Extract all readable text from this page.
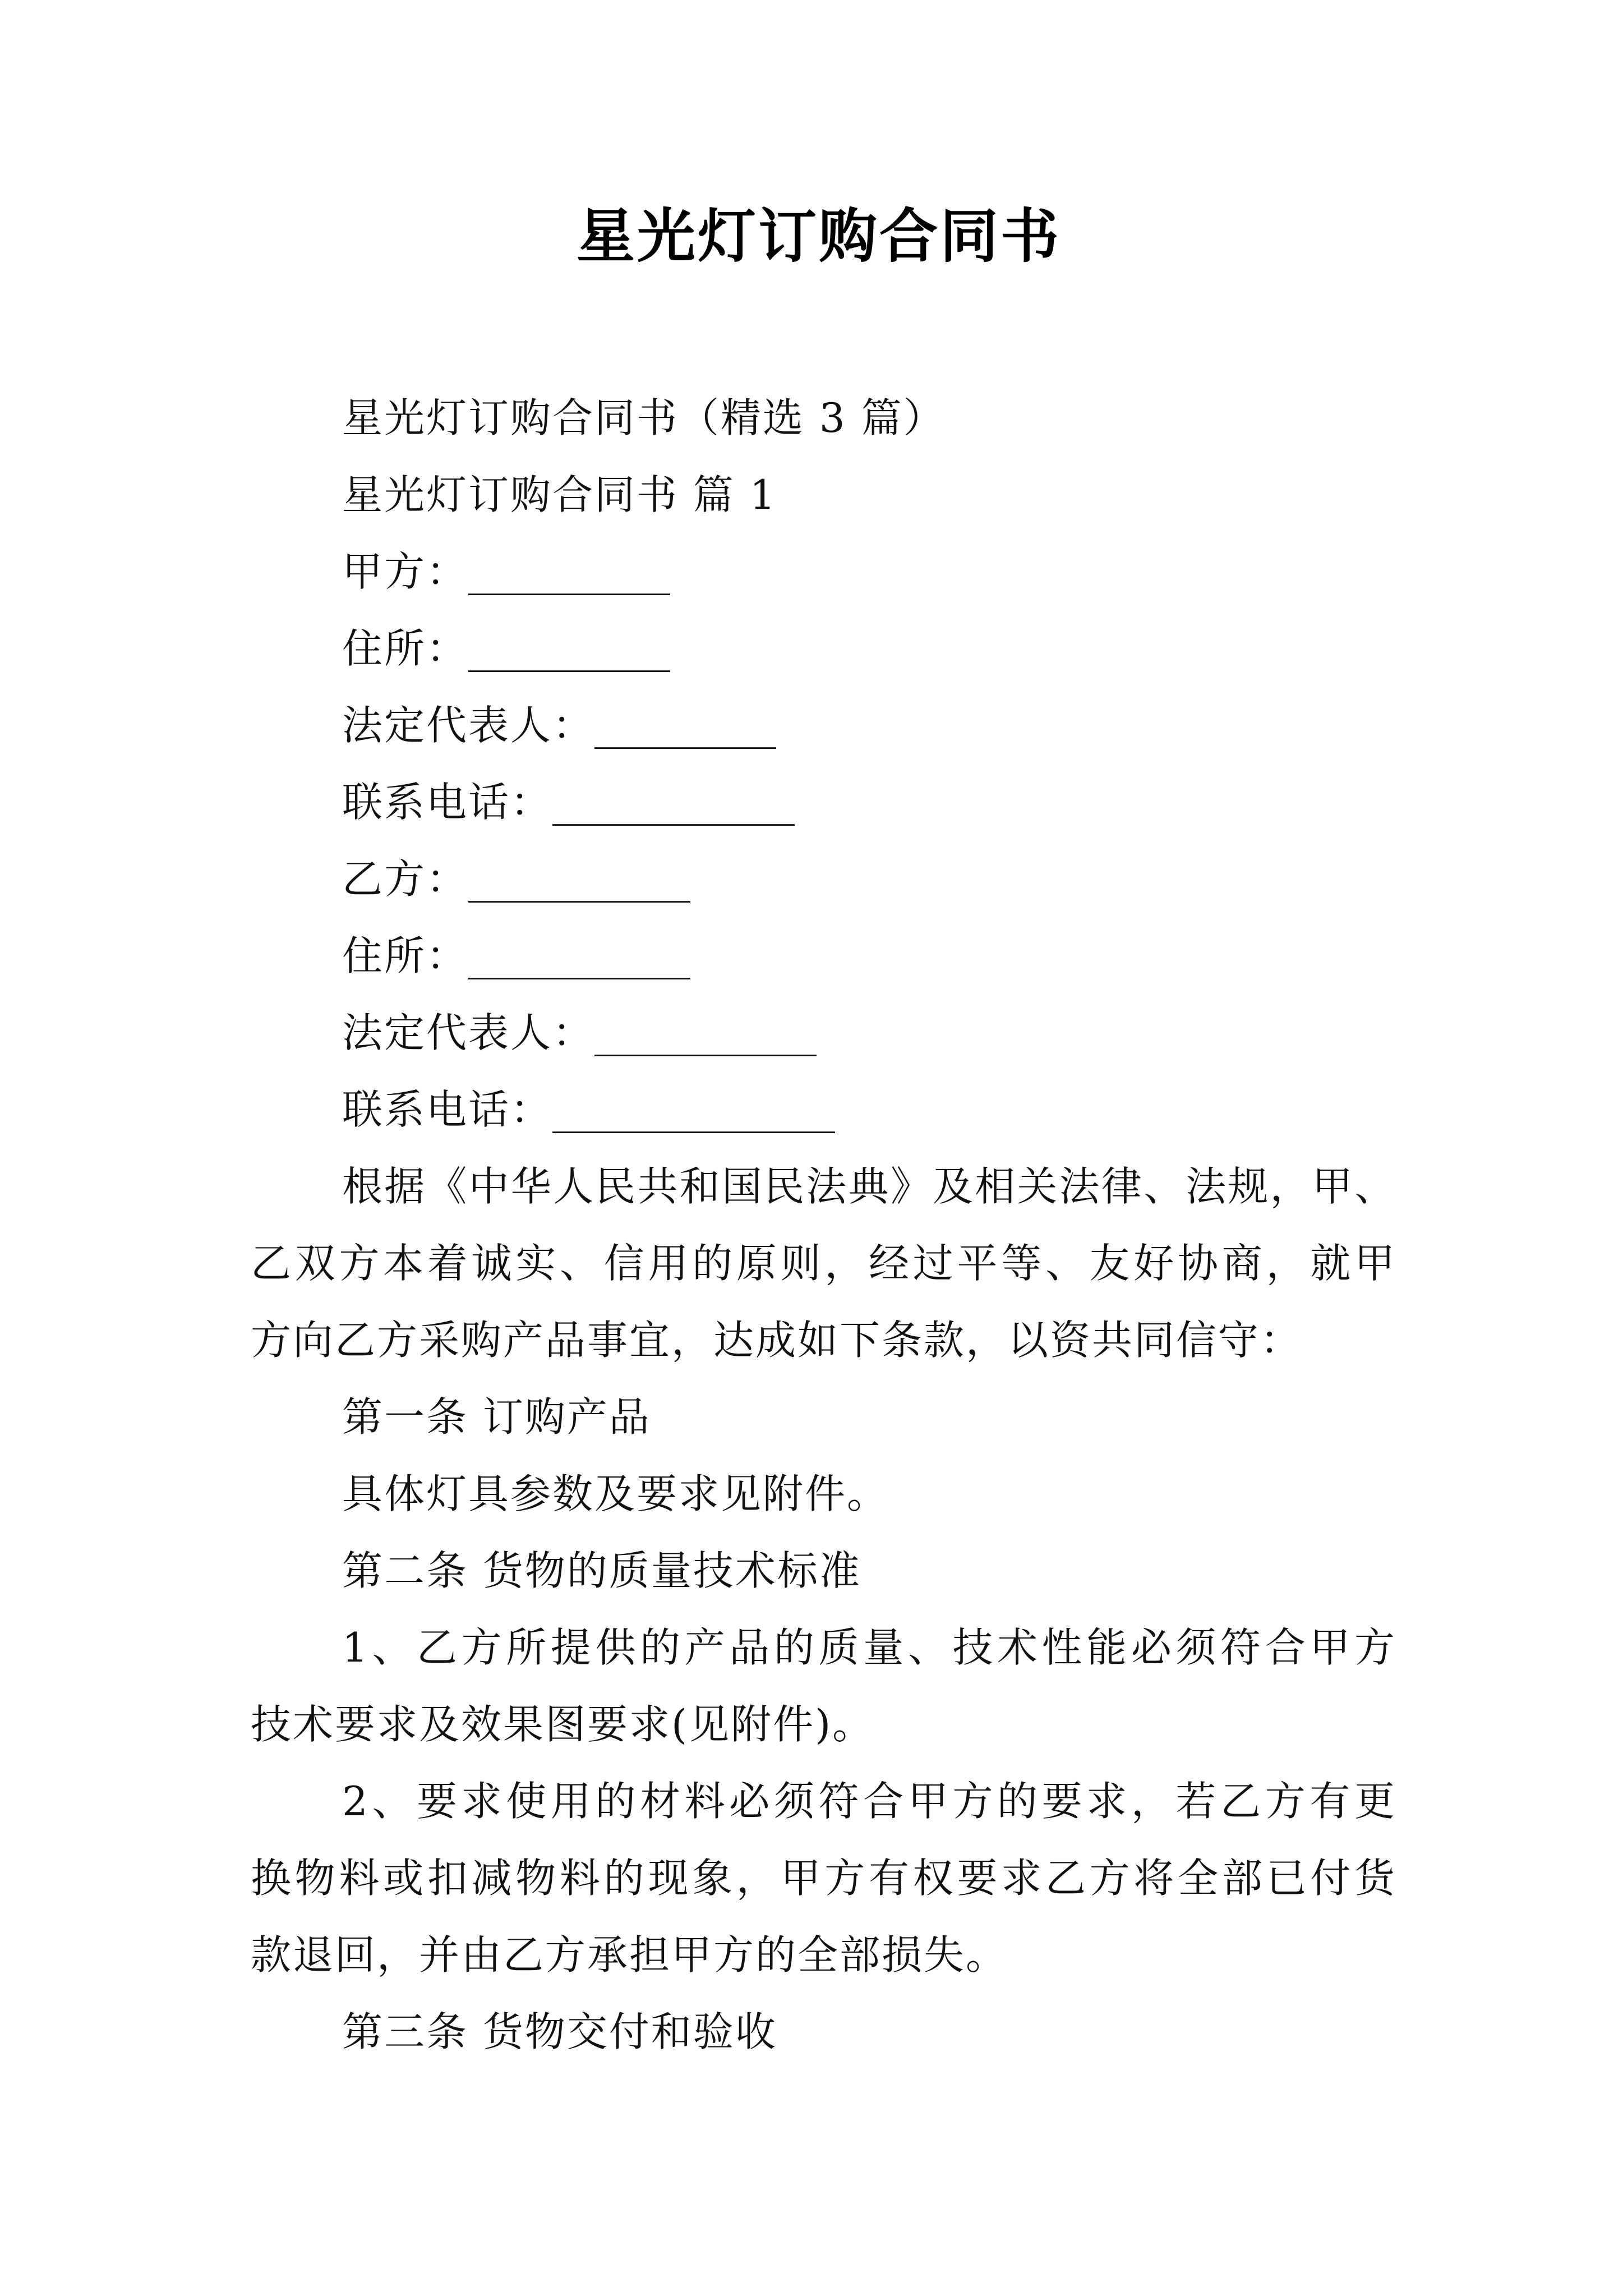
星光灯订购合同书
星光灯订购合同书（精选 3 篇）
星光灯订购合同书 篇 1
甲方：__________
住所：__________
法定代表人：_________
联系电话：____________
乙方：___________
住所：___________
法定代表人：___________
联系电话：______________
根据《中华人民共和国民法典》及相关法律、法规，甲、
乙双方本着诚实、信用的原则，经过平等、友好协商，就甲
方向乙方采购产品事宜，达成如下条款，以资共同信守：
第一条 订购产品
具体灯具参数及要求见附件。
第二条 货物的质量技术标准
1、乙方所提供的产品的质量、技术性能必须符合甲方
技术要求及效果图要求(见附件)。
2、要求使用的材料必须符合甲方的要求，若乙方有更
换物料或扣减物料的现象，甲方有权要求乙方将全部已付货
款退回，并由乙方承担甲方的全部损失。
第三条 货物交付和验收
